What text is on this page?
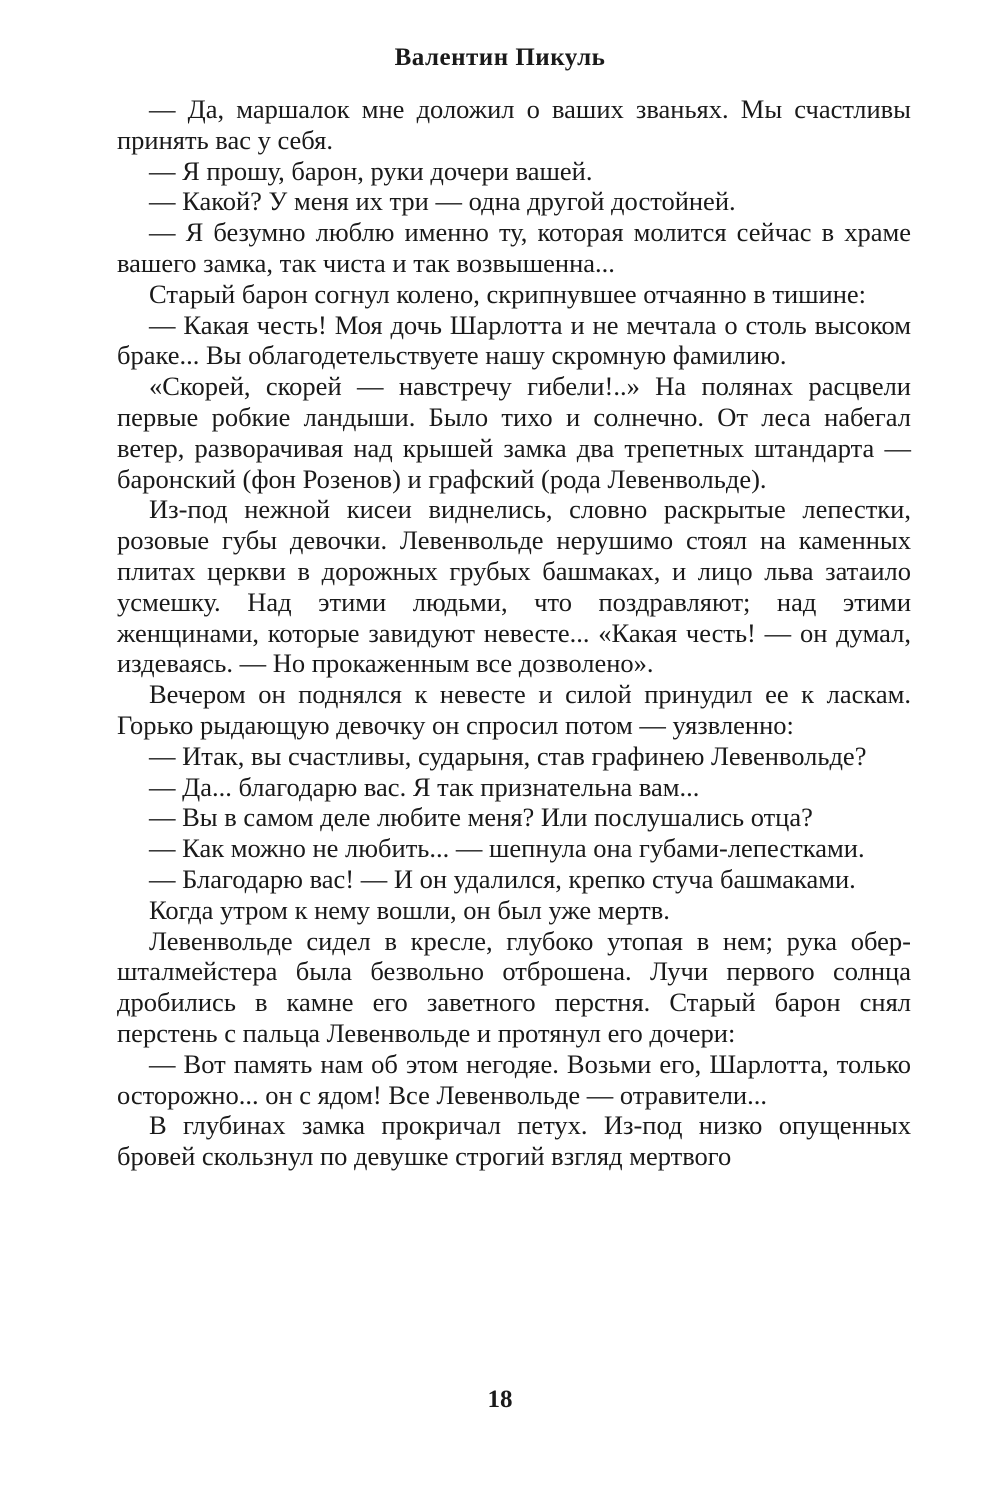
Валентин Пикуль

— Да, маршалок мне доложил о ваших званьях. Мы счастливы принять вас у себя.

— Я прошу, барон, руки дочери вашей.

— Какой? У меня их три — одна другой достойней.

— Я безумно люблю именно ту, которая молится сейчас в храме вашего замка, так чиста и так возвышенна...

Старый барон согнул колено, скрипнувшее отчаянно в тишине:

— Какая честь! Моя дочь Шарлотта и не мечтала о столь высоком браке... Вы облагодетельствуете нашу скромную фамилию.

«Скорей, скорей — навстречу гибели!..» На полянах расцвели первые робкие ландыши. Было тихо и солнечно. От леса набегал ветер, разворачивая над крышей замка два трепетных штандарта — баронский (фон Розенов) и графский (рода Левенвольде).

Из-под нежной кисеи виднелись, словно раскрытые лепестки, розовые губы девочки. Левенвольде нерушимо стоял на каменных плитах церкви в дорожных грубых башмаках, и лицо льва затаило усмешку. Над этими людьми, что поздравляют; над этими женщинами, которые завидуют невесте... «Какая честь! — он думал, издеваясь. — Но прокаженным все дозволено».

Вечером он поднялся к невесте и силой принудил ее к ласкам. Горько рыдающую девочку он спросил потом — уязвленно:

— Итак, вы счастливы, сударыня, став графинею Левенвольде?

— Да... благодарю вас. Я так признательна вам...

— Вы в самом деле любите меня? Или послушались отца?

— Как можно не любить... — шепнула она губами-лепестками.

— Благодарю вас! — И он удалился, крепко стуча башмаками.

Когда утром к нему вошли, он был уже мертв.

Левенвольде сидел в кресле, глубоко утопая в нем; рука обершталмейстера была безвольно отброшена. Лучи первого солнца дробились в камне его заветного перстня. Старый барон снял перстень с пальца Левенвольде и протянул его дочери:

— Вот память нам об этом негодяе. Возьми его, Шарлотта, только осторожно... он с ядом! Все Левенвольде — отравители...

В глубинах замка прокричал петух. Из-под низко опущенных бровей скользнул по девушке строгий взгляд мертвого

18
